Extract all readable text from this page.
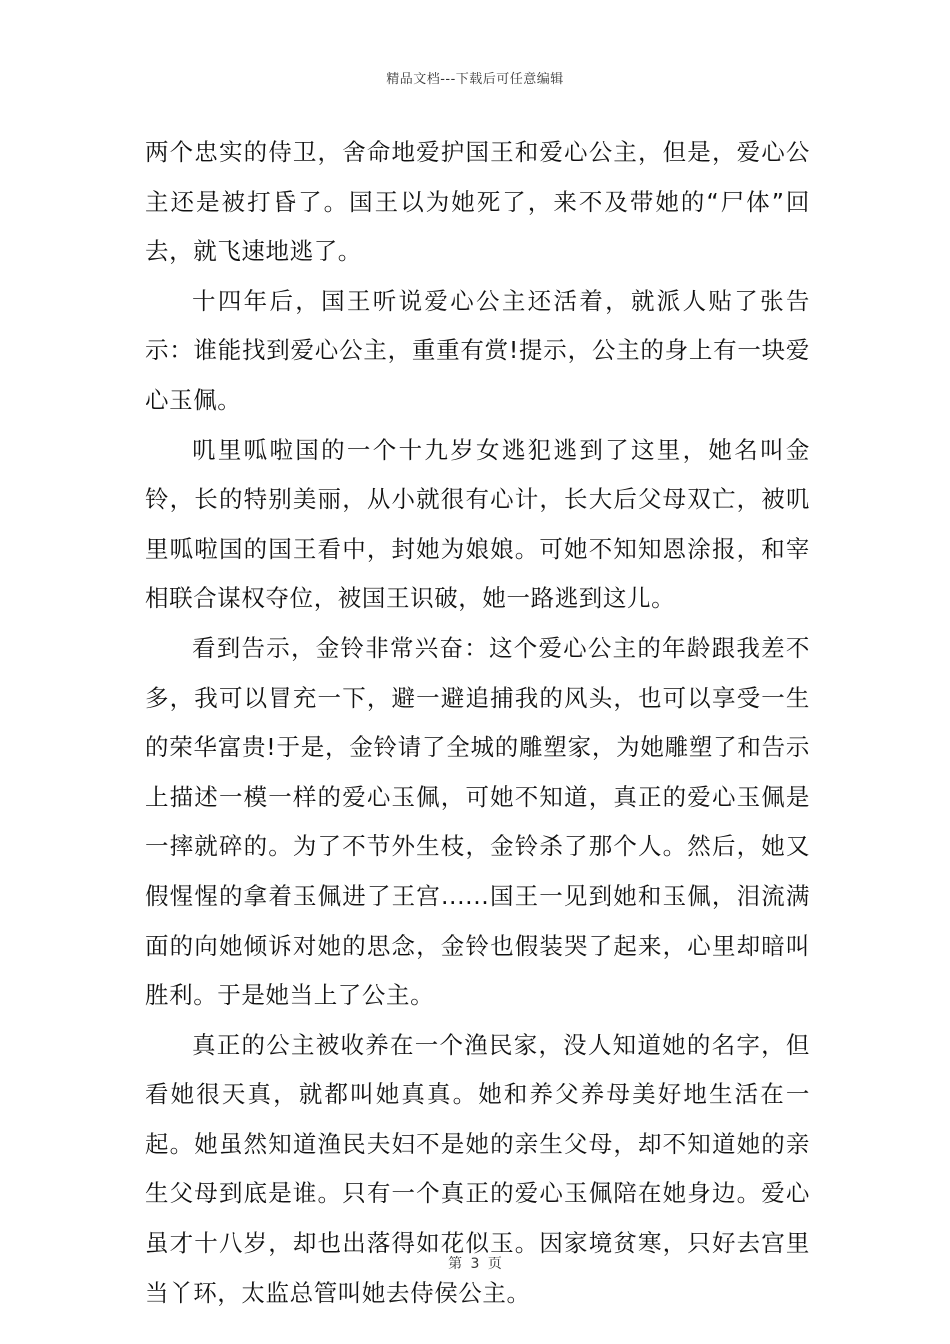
精品文档---下载后可任意编辑

两个忠实的侍卫，舍命地爱护国王和爱心公主，但是，爱心公主还是被打昏了。国王以为她死了，来不及带她的“尸体”回去，就飞速地逃了。

十四年后，国王听说爱心公主还活着，就派人贴了张告示：谁能找到爱心公主，重重有赏!提示，公主的身上有一块爱心玉佩。

叽里呱啦国的一个十九岁女逃犯逃到了这里，她名叫金铃，长的特别美丽，从小就很有心计，长大后父母双亡，被叽里呱啦国的国王看中，封她为娘娘。可她不知知恩涂报，和宰相联合谋权夺位，被国王识破，她一路逃到这儿。

看到告示，金铃非常兴奋：这个爱心公主的年龄跟我差不多，我可以冒充一下，避一避追捕我的风头，也可以享受一生的荣华富贵!于是，金铃请了全城的雕塑家，为她雕塑了和告示上描述一模一样的爱心玉佩，可她不知道，真正的爱心玉佩是一摔就碎的。为了不节外生枝，金铃杀了那个人。然后，她又假惺惺的拿着玉佩进了王宫......国王一见到她和玉佩，泪流满面的向她倾诉对她的思念，金铃也假装哭了起来，心里却暗叫胜利。于是她当上了公主。

真正的公主被收养在一个渔民家，没人知道她的名字，但看她很天真，就都叫她真真。她和养父养母美好地生活在一起。她虽然知道渔民夫妇不是她的亲生父母，却不知道她的亲生父母到底是谁。只有一个真正的爱心玉佩陪在她身边。爱心虽才十八岁，却也出落得如花似玉。因家境贫寒，只好去宫里当丫环，太监总管叫她去侍侯公主。

第 3 页
